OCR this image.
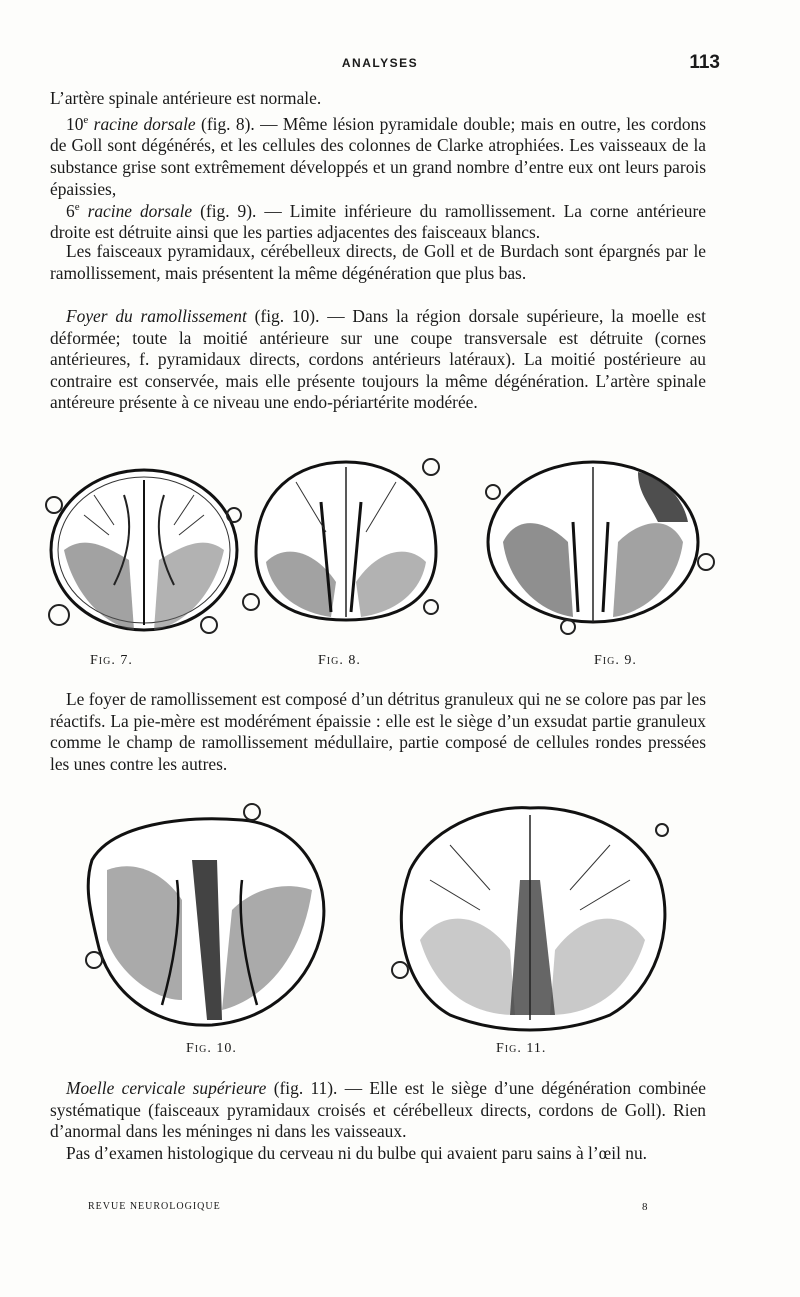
ANALYSES	113

L’artère spinale antérieure est normale.

10e racine dorsale (fig. 8). — Même lésion pyramidale double; mais en outre, les cordons de Goll sont dégénérés, et les cellules des colonnes de Clarke atrophiées. Les vaisseaux de la substance grise sont extrêmement développés et un grand nombre d’entre eux ont leurs parois épaissies,

6e racine dorsale (fig. 9). — Limite inférieure du ramollissement. La corne antérieure droite est détruite ainsi que les parties adjacentes des faisceaux blancs.

Les faisceaux pyramidaux, cérébelleux directs, de Goll et de Burdach sont épargnés par le ramollissement, mais présentent la même dégénération que plus bas.

Foyer du ramollissement (fig. 10). — Dans la région dorsale supérieure, la moelle est déformée; toute la moitié antérieure sur une coupe transversale est détruite (cornes antérieures, f. pyramidaux directs, cordons antérieurs latéraux). La moitié postérieure au contraire est conservée, mais elle présente toujours la même dégénération. L’artère spinale antéreure présente à ce niveau une endo-périartérite modérée.

Fig. 7.	Fig. 8.	Fig. 9.

Le foyer de ramollissement est composé d’un détritus granuleux qui ne se colore pas par les réactifs. La pie-mère est modérément épaissie : elle est le siège d’un exsudat partie granuleux comme le champ de ramollissement médullaire, partie composé de cellules rondes pressées les unes contre les autres.

Fig. 10.	Fig. 11.

Moelle cervicale supérieure (fig. 11). — Elle est le siège d’une dégénération combinée systématique (faisceaux pyramidaux croisés et cérébelleux directs, cordons de Goll). Rien d’anormal dans les méninges ni dans les vaisseaux.

Pas d’examen histologique du cerveau ni du bulbe qui avaient paru sains à l’œil nu.

REVUE NEUROLOGIQUE	8
